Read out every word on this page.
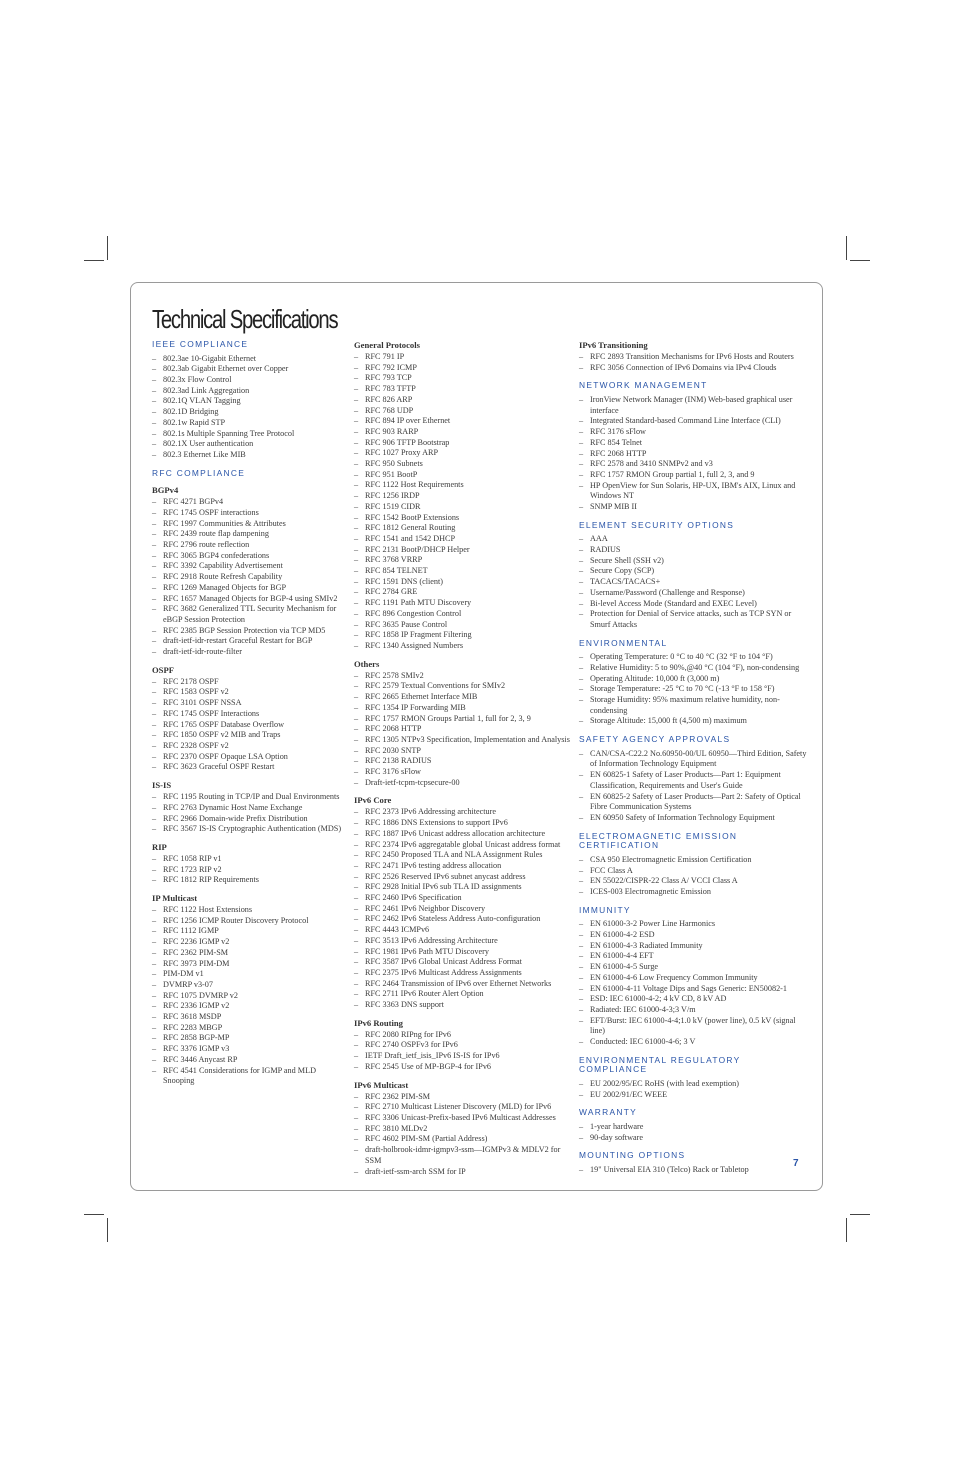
Technical Specifications
IEEE COMPLIANCE
– 802.3ae 10-Gigabit Ethernet
– 802.3ab Gigabit Ethernet over Copper
– 802.3x Flow Control
– 802.3ad Link Aggregation
– 802.1Q VLAN Tagging
– 802.1D Bridging
– 802.1w Rapid STP
– 802.1s Multiple Spanning Tree Protocol
– 802.1X User authentication
– 802.3 Ethernet Like MIB
RFC COMPLIANCE
BGPv4
– RFC 4271 BGPv4
– RFC 1745 OSPF interactions
– RFC 1997 Communities & Attributes
– RFC 2439 route flap dampening
– RFC 2796 route reflection
– RFC 3065 BGP4 confederations
– RFC 3392 Capability Advertisement
– RFC 2918 Route Refresh Capability
– RFC 1269 Managed Objects for BGP
– RFC 1657 Managed Objects for BGP-4 using SMIv2
– RFC 3682 Generalized TTL Security Mechanism for eBGP Session Protection
– RFC 2385 BGP Session Protection via TCP MD5
– draft-ietf-idr-restart Graceful Restart for BGP
– draft-ietf-idr-route-filter
OSPF
– RFC 2178 OSPF
– RFC 1583 OSPF v2
– RFC 3101 OSPF NSSA
– RFC 1745 OSPF Interactions
– RFC 1765 OSPF Database Overflow
– RFC 1850 OSPF v2 MIB and Traps
– RFC 2328 OSPF v2
– RFC 2370 OSPF Opaque LSA Option
– RFC 3623 Graceful OSPF Restart
IS-IS
– RFC 1195 Routing in TCP/IP and Dual Environments
– RFC 2763 Dynamic Host Name Exchange
– RFC 2966 Domain-wide Prefix Distribution
– RFC 3567 IS-IS Cryptographic Authentication (MDS)
RIP
– RFC 1058 RIP v1
– RFC 1723 RIP v2
– RFC 1812 RIP Requirements
IP Multicast
– RFC 1122 Host Extensions
– RFC 1256 ICMP Router Discovery Protocol
– RFC 1112 IGMP
– RFC 2236 IGMP v2
– RFC 2362 PIM-SM
– RFC 3973 PIM-DM
– PIM-DM v1
– DVMRP v3-07
– RFC 1075 DVMRP v2
– RFC 2336 IGMP v2
– RFC 3618 MSDP
– RFC 2283 MBGP
– RFC 2858 BGP-MP
– RFC 3376 IGMP v3
– RFC 3446 Anycast RP
– RFC 4541 Considerations for IGMP and MLD Snooping
General Protocols
– RFC 791 IP
– RFC 792 ICMP
– RFC 793 TCP
– RFC 783 TFTP
– RFC 826 ARP
– RFC 768 UDP
– RFC 894 IP over Ethernet
– RFC 903 RARP
– RFC 906 TFTP Bootstrap
– RFC 1027 Proxy ARP
– RFC 950 Subnets
– RFC 951 BootP
– RFC 1122 Host Requirements
– RFC 1256 IRDP
– RFC 1519 CIDR
– RFC 1542 BootP Extensions
– RFC 1812 General Routing
– RFC 1541 and 1542 DHCP
– RFC 2131 BootP/DHCP Helper
– RFC 3768 VRRP
– RFC 854 TELNET
– RFC 1591 DNS (client)
– RFC 2784 GRE
– RFC 1191 Path MTU Discovery
– RFC 896 Congestion Control
– RFC 3635 Pause Control
– RFC 1858 IP Fragment Filtering
– RFC 1340 Assigned Numbers
Others
– RFC 2578 SMIv2
– RFC 2579 Textual Conventions for SMIv2
– RFC 2665 Ethernet Interface MIB
– RFC 1354 IP Forwarding MIB
– RFC 1757 RMON Groups Partial 1, full for 2, 3, 9
– RFC 2068 HTTP
– RFC 1305 NTPv3 Specification, Implementation and Analysis
– RFC 2030 SNTP
– RFC 2138 RADIUS
– RFC 3176 sFlow
– Draft-ietf-tcpm-tcpsecure-00
IPv6 Core
– RFC 2373 IPv6 Addressing architecture
– RFC 1886 DNS Extensions to support IPv6
– RFC 1887 IPv6 Unicast address allocation architecture
– RFC 2374 IPv6 aggregatable global Unicast address format
– RFC 2450 Proposed TLA and NLA Assignment Rules
– RFC 2471 IPv6 testing address allocation
– RFC 2526 Reserved IPv6 subnet anycast address
– RFC 2928 Initial IPv6 sub TLA ID assignments
– RFC 2460 IPv6 Specification
– RFC 2461 IPv6 Neighbor Discovery
– RFC 2462 IPv6 Stateless Address Auto-configuration
– RFC 4443 ICMPv6
– RFC 3513 IPv6 Addressing Architecture
– RFC 1981 IPv6 Path MTU Discovery
– RFC 3587 IPv6 Global Unicast Address Format
– RFC 2375 IPv6 Multicast Address Assignments
– RFC 2464 Transmission of IPv6 over Ethernet Networks
– RFC 2711 IPv6 Router Alert Option
– RFC 3363 DNS support
IPv6 Routing
– RFC 2080 RIPng for IPv6
– RFC 2740 OSPFv3 for IPv6
– IETF Draft_ietf_isis_IPv6 IS-IS for IPv6
– RFC 2545 Use of MP-BGP-4 for IPv6
IPv6 Multicast
– RFC 2362 PIM-SM
– RFC 2710 Multicast Listener Discovery (MLD) for IPv6
– RFC 3306 Unicast-Prefix-based IPv6 Multicast Addresses
– RFC 3810 MLDv2
– RFC 4602 PIM-SM (Partial Address)
– draft-holbrook-idmr-igmpv3-ssm—IGMPv3 & MDLV2 for SSM
– draft-ietf-ssm-arch SSM for IP
IPv6 Transitioning
– RFC 2893 Transition Mechanisms for IPv6 Hosts and Routers
– RFC 3056 Connection of IPv6 Domains via IPv4 Clouds
NETWORK MANAGEMENT
– IronView Network Manager (INM) Web-based graphical user interface
– Integrated Standard-based Command Line Interface (CLI)
– RFC 3176 sFlow
– RFC 854 Telnet
– RFC 2068 HTTP
– RFC 2578 and 3410 SNMPv2 and v3
– RFC 1757 RMON Group partial 1, full 2, 3, and 9
– HP OpenView for Sun Solaris, HP-UX, IBM's AIX, Linux and Windows NT
– SNMP MIB II
ELEMENT SECURITY OPTIONS
– AAA
– RADIUS
– Secure Shell (SSH v2)
– Secure Copy (SCP)
– TACACS/TACACS+
– Username/Password (Challenge and Response)
– Bi-level Access Mode (Standard and EXEC Level)
– Protection for Denial of Service attacks, such as TCP SYN or Smurf Attacks
ENVIRONMENTAL
– Operating Temperature: 0 °C to 40 °C (32 °F to 104 °F)
– Relative Humidity: 5 to 90%,@40 °C (104 °F), non-condensing
– Operating Altitude: 10,000 ft (3,000 m)
– Storage Temperature: -25 °C to 70 °C (-13 °F to 158 °F)
– Storage Humidity: 95% maximum relative humidity, non-condensing
– Storage Altitude: 15,000 ft (4,500 m) maximum
SAFETY AGENCY APPROVALS
– CAN/CSA-C22.2 No.60950-00/UL 60950—Third Edition, Safety of Information Technology Equipment
– EN 60825-1 Safety of Laser Products—Part 1: Equipment Classification, Requirements and User's Guide
– EN 60825-2 Safety of Laser Products—Part 2: Safety of Optical Fibre Communication Systems
– EN 60950 Safety of Information Technology Equipment
ELECTROMAGNETIC EMISSION CERTIFICATION
– CSA 950 Electromagnetic Emission Certification
– FCC Class A
– EN 55022/CISPR-22 Class A/ VCCI Class A
– ICES-003 Electromagnetic Emission
IMMUNITY
– EN 61000-3-2 Power Line Harmonics
– EN 61000-4-2 ESD
– EN 61000-4-3 Radiated Immunity
– EN 61000-4-4 EFT
– EN 61000-4-5 Surge
– EN 61000-4-6 Low Frequency Common Immunity
– EN 61000-4-11 Voltage Dips and Sags Generic: EN50082-1
– ESD: IEC 61000-4-2; 4 kV CD, 8 kV AD
– Radiated: IEC 61000-4-3;3 V/m
– EFT/Burst: IEC 61000-4-4;1.0 kV (power line), 0.5 kV (signal line)
– Conducted: IEC 61000-4-6; 3 V
ENVIRONMENTAL REGULATORY COMPLIANCE
– EU 2002/95/EC RoHS (with lead exemption)
– EU 2002/91/EC WEEE
WARRANTY
– 1-year hardware
– 90-day software
MOUNTING OPTIONS
– 19" Universal EIA 310 (Telco) Rack or Tabletop
7
